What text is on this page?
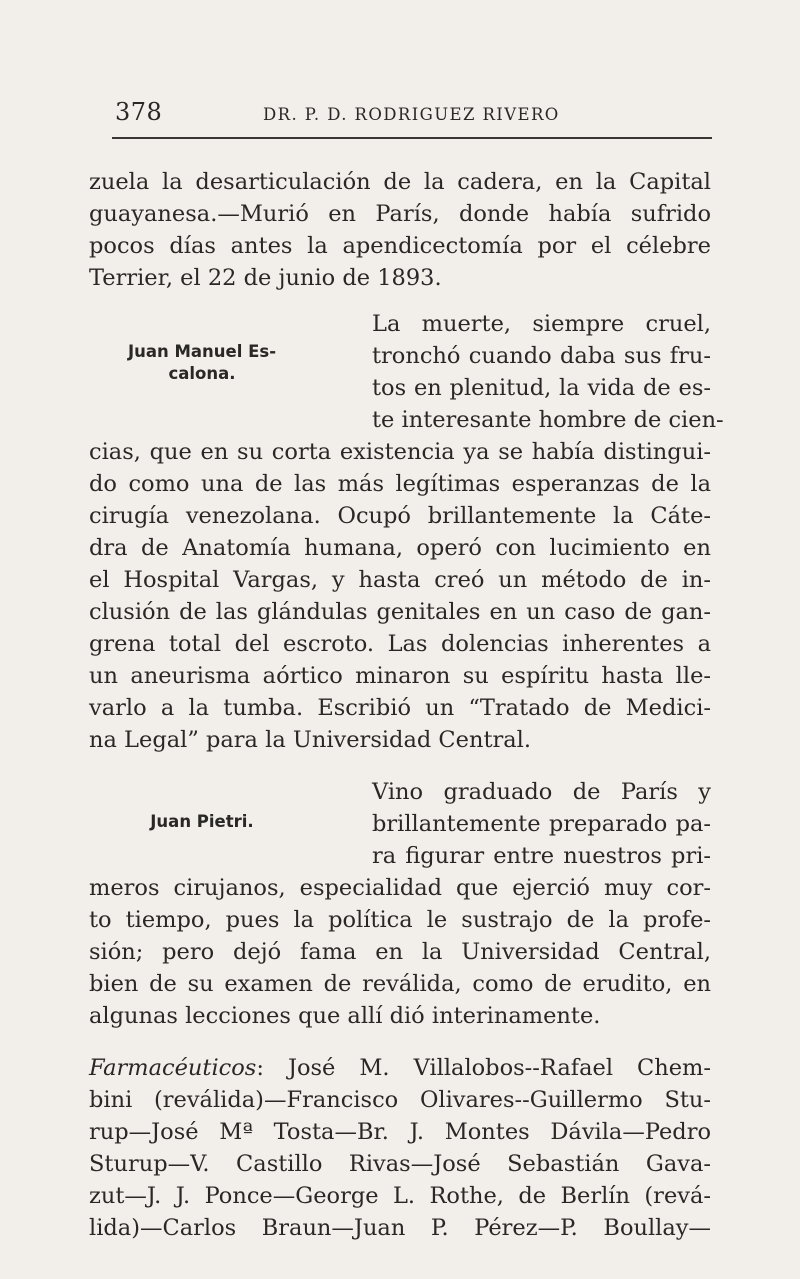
378	DR. P. D. RODRIGUEZ RIVERO
zuela la desarticulación de la cadera, en la Capital
guayanesa.—Murió en París, donde había sufrido
pocos días antes la apendicectomía por el célebre
Terrier, el 22 de junio de 1893.
Juan Manuel Es-
calona.
La muerte, siempre cruel,
tronchó cuando daba sus fru-
tos en plenitud, la vida de es-
te interesante hombre de cien-
cias, que en su corta existencia ya se había distingui-
do como una de las más legítimas esperanzas de la
cirugía venezolana. Ocupó brillantemente la Cáte-
dra de Anatomía humana, operó con lucimiento en
el Hospital Vargas, y hasta creó un método de in-
clusión de las glándulas genitales en un caso de gan-
grena total del escroto. Las dolencias inherentes a
un aneurisma aórtico minaron su espíritu hasta lle-
varlo a la tumba. Escribió un “Tratado de Medici-
na Legal” para la Universidad Central.
Juan Pietri.
Vino graduado de París y
brillantemente preparado pa-
ra figurar entre nuestros pri-
meros cirujanos, especialidad que ejerció muy cor-
to tiempo, pues la política le sustrajo de la profe-
sión; pero dejó fama en la Universidad Central,
bien de su examen de reválida, como de erudito, en
algunas lecciones que allí dió interinamente.
Farmacéuticos: José M. Villalobos--Rafael Chem-
bini (reválida)—Francisco Olivares--Guillermo Stu-
rup—José Mª Tosta—Br. J. Montes Dávila—Pedro
Sturup—V. Castillo Rivas—José Sebastián Gava-
zut—J. J. Ponce—George L. Rothe, de Berlín (revá-
lida)—Carlos Braun—Juan P. Pérez—P. Boullay—
